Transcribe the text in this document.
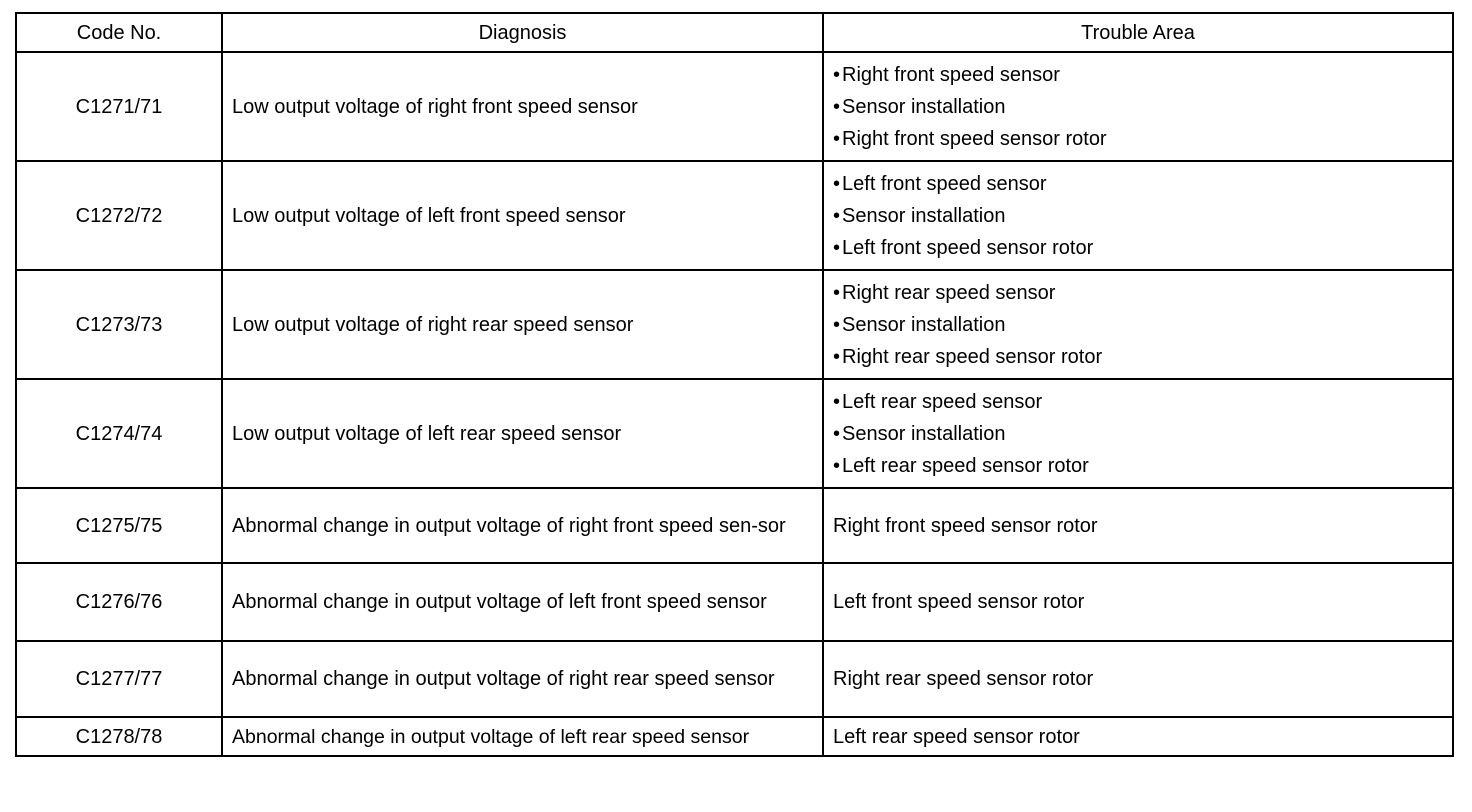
Code No.	Diagnosis	Trouble Area
C1271/71	Low output voltage of right front speed sensor	• Right front speed sensor
• Sensor installation
• Right front speed sensor rotor

C1272/72	Low output voltage of left front speed sensor	• Left front speed sensor
• Sensor installation
• Left front speed sensor rotor

C1273/73	Low output voltage of right rear speed sensor	• Right rear speed sensor
• Sensor installation
• Right rear speed sensor rotor

C1274/74	Low output voltage of left rear speed sensor	• Left rear speed sensor
• Sensor installation
• Left rear speed sensor rotor

C1275/75	Abnormal change in output voltage of right front speed sen-sor	Right front speed sensor rotor
C1276/76	Abnormal change in output voltage of left front speed sensor	Left front speed sensor rotor
C1277/77	Abnormal change in output voltage of right rear speed sensor	Right rear speed sensor rotor
C1278/78	Abnormal change in output voltage of left rear speed sensor	Left rear speed sensor rotor
